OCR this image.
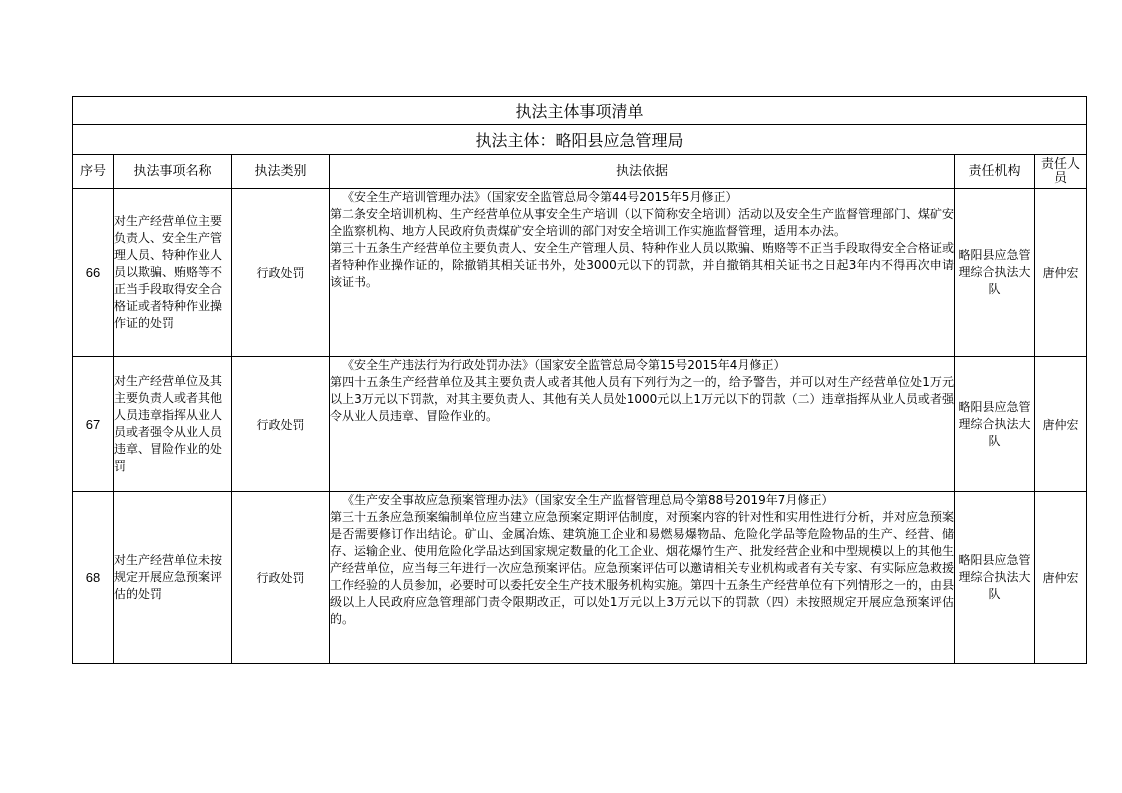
执法主体事项清单					
执法主体：略阳县应急管理局					
序号	执法事项名称	执法类别	执法依据	责任机构	责任人员
66	对生产经营单位主要负责人、安全生产管理人员、特种作业人员以欺骗、贿赂等不正当手段取得安全合格证或者特种作业操作证的处罚	行政处罚	《安全生产培训管理办法》（国家安全监管总局令第44号2015年5月修正）

第二条安全培训机构、生产经营单位从事安全生产培训（以下简称安全培训）活动以及安全生产监督管理部门、煤矿安全监察机构、地方人民政府负责煤矿安全培训的部门对安全培训工作实施监督管理，适用本办法。

第三十五条生产经营单位主要负责人、安全生产管理人员、特种作业人员以欺骗、贿赂等不正当手段取得安全合格证或者特种作业操作证的，除撤销其相关证书外，处3000元以下的罚款，并自撤销其相关证书之日起3年内不得再次申请该证书。	略阳县应急管理综合执法大队	唐仲宏
67	对生产经营单位及其主要负责人或者其他人员违章指挥从业人员或者强令从业人员违章、冒险作业的处罚	行政处罚	《安全生产违法行为行政处罚办法》（国家安全监管总局令第15号2015年4月修正）

第四十五条生产经营单位及其主要负责人或者其他人员有下列行为之一的，给予警告，并可以对生产经营单位处1万元以上3万元以下罚款，对其主要负责人、其他有关人员处1000元以上1万元以下的罚款（二）违章指挥从业人员或者强令从业人员违章、冒险作业的。	略阳县应急管理综合执法大队	唐仲宏
68	对生产经营单位未按规定开展应急预案评估的处罚	行政处罚	《生产安全事故应急预案管理办法》（国家安全生产监督管理总局令第88号2019年7月修正）

第三十五条应急预案编制单位应当建立应急预案定期评估制度，对预案内容的针对性和实用性进行分析，并对应急预案是否需要修订作出结论。矿山、金属冶炼、建筑施工企业和易燃易爆物品、危险化学品等危险物品的生产、经营、储存、运输企业、使用危险化学品达到国家规定数量的化工企业、烟花爆竹生产、批发经营企业和中型规模以上的其他生产经营单位，应当每三年进行一次应急预案评估。应急预案评估可以邀请相关专业机构或者有关专家、有实际应急救援工作经验的人员参加，必要时可以委托安全生产技术服务机构实施。第四十五条生产经营单位有下列情形之一的，由县级以上人民政府应急管理部门责令限期改正，可以处1万元以上3万元以下的罚款（四）未按照规定开展应急预案评估的。	略阳县应急管理综合执法大队	唐仲宏
